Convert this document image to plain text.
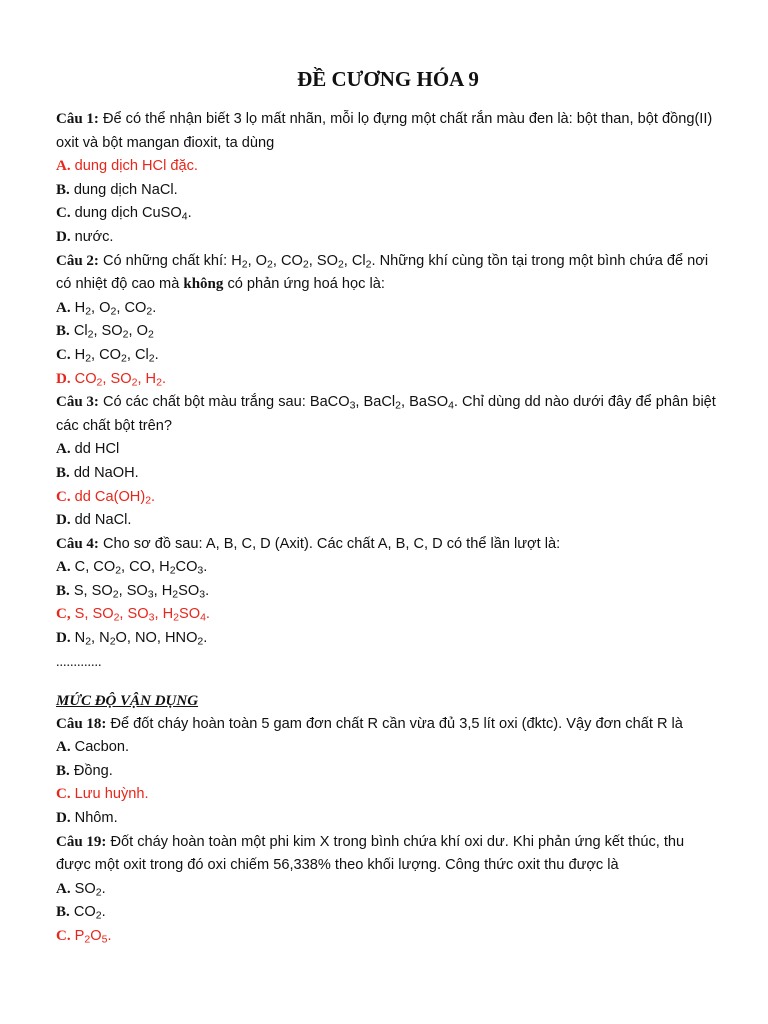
ĐỀ CƯƠNG HÓA 9

Câu 1: Để có thể nhận biết 3 lọ mất nhãn, mỗi lọ đựng một chất rắn màu đen là: bột than, bột đồng(II) oxit và bột mangan đioxit, ta dùng

A. dung dịch HCl đặc.

B. dung dịch NaCl.

C. dung dịch CuSO$_4$.

D. nước.

Câu 2: Có những chất khí: $H_2$, $O_2$, $CO_2$, $SO_2$, $Cl_2$. Những khí cùng tồn tại trong một bình chứa để nơi có nhiệt độ cao mà không có phản ứng hoá học là:

A. $H_2$, $O_2$, $CO_2$.

B. $Cl_2$, $SO_2$, $O_2$

C. $H_2$, $CO_2$, $Cl_2$.

D. $CO_2$, $SO_2$, $H_2$.

Câu 3: Có các chất bột màu trắng sau: BaCO$_3$, BaCl$_2$, BaSO$_4$. Chỉ dùng dd nào dưới đây để phân biệt các chất bột trên?

A. dd HCl

B. dd NaOH.

C. dd $Ca(OH)_2$.

D. dd NaCl.

Câu 4: Cho sơ đồ sau: A, B, C, D (Axit). Các chất A, B, C, D có thể lần lượt là:

A. C, $CO_2$, CO, $H_2CO_3$.

B. S, $SO_2$, $SO_3$, $H_2SO_3$.

C, S, $SO_2$, $SO_3$, $H_2SO_4$.

D. $N_2$, $N_2O$, NO, $HNO_2$.

.............
MỨC ĐỘ VẬN DỤNG

Câu 18: Để đốt cháy hoàn toàn 5 gam đơn chất R cần vừa đủ 3,5 lít oxi (đktc). Vậy đơn chất R là

A. Cacbon.

B. Đồng.

C. Lưu huỳnh.

D. Nhôm.

Câu 19: Đốt cháy hoàn toàn một phi kim X trong bình chứa khí oxi dư. Khi phản ứng kết thúc, thu được một oxit trong đó oxi chiếm 56,338% theo khối lượng. Công thức oxit thu được là

A. $SO_2$.

B. $CO_2$.

C. $P_2O_5$.
